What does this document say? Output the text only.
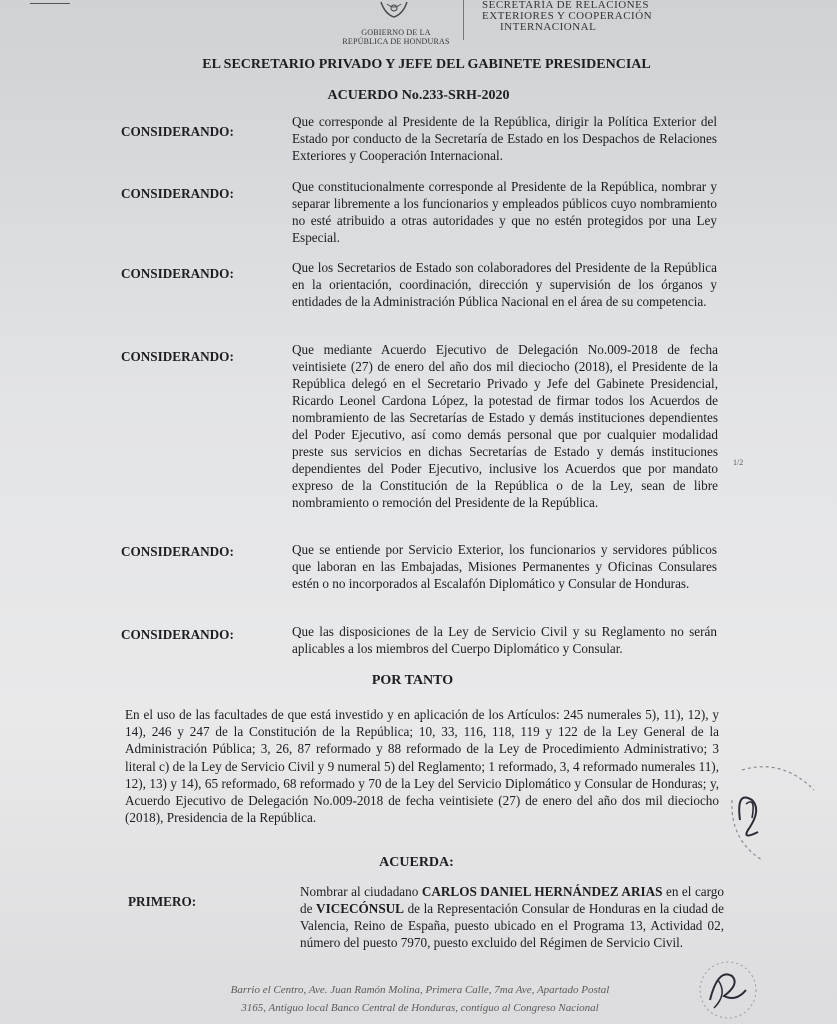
GOBIERNO DE LA
REPÚBLICA DE HONDURAS
SECRETARÍA DE RELACIONES
EXTERIORES Y COOPERACIÓN
INTERNACIONAL
EL SECRETARIO PRIVADO Y JEFE DEL GABINETE PRESIDENCIAL
ACUERDO No.233-SRH-2020
CONSIDERANDO:
Que corresponde al Presidente de la República, dirigir la Política Exterior del Estado por conducto de la Secretaría de Estado en los Despachos de Relaciones Exteriores y Cooperación Internacional.
CONSIDERANDO:	Que constitucionalmente corresponde al Presidente de la República, nombrar y separar libremente a los funcionarios y empleados públicos cuyo nombramiento no esté atribuido a otras autoridades y que no estén protegidos por una Ley Especial.
CONSIDERANDO:	Que los Secretarios de Estado son colaboradores del Presidente de la República en la orientación, coordinación, dirección y supervisión de los órganos y entidades de la Administración Pública Nacional en el área de su competencia.
CONSIDERANDO:	Que mediante Acuerdo Ejecutivo de Delegación No.009-2018 de fecha veintisiete (27) de enero del año dos mil dieciocho (2018), el Presidente de la República delegó en el Secretario Privado y Jefe del Gabinete Presidencial, Ricardo Leonel Cardona López, la potestad de firmar todos los Acuerdos de nombramiento de las Secretarías de Estado y demás instituciones dependientes del Poder Ejecutivo, así como demás personal que por cualquier modalidad preste sus servicios en dichas Secretarías de Estado y demás instituciones dependientes del Poder Ejecutivo, inclusive los Acuerdos que por mandato expreso de la Constitución de la República o de la Ley, sean de libre nombramiento o remoción del Presidente de la República.
1/2
CONSIDERANDO:	Que se entiende por Servicio Exterior, los funcionarios y servidores públicos que laboran en las Embajadas, Misiones Permanentes y Oficinas Consulares estén o no incorporados al Escalafón Diplomático y Consular de Honduras.
CONSIDERANDO:	Que las disposiciones de la Ley de Servicio Civil y su Reglamento no serán aplicables a los miembros del Cuerpo Diplomático y Consular.
POR TANTO
En el uso de las facultades de que está investido y en aplicación de los Artículos: 245 numerales 5), 11), 12), y 14), 246 y 247 de la Constitución de la República; 10, 33, 116, 118, 119 y 122 de la Ley General de la Administración Pública; 3, 26, 87 reformado y 88 reformado de la Ley de Procedimiento Administrativo; 3 literal c) de la Ley de Servicio Civil y 9 numeral 5) del Reglamento; 1 reformado, 3, 4 reformado numerales 11), 12), 13) y 14), 65 reformado, 68 reformado y 70 de la Ley del Servicio Diplomático y Consular de Honduras; y, Acuerdo Ejecutivo de Delegación No.009-2018 de fecha veintisiete (27) de enero del año dos mil dieciocho (2018), Presidencia de la República.
ACUERDA:
PRIMERO:
Nombrar al ciudadano CARLOS DANIEL HERNÁNDEZ ARIAS en el cargo de VICECÓNSUL de la Representación Consular de Honduras en la ciudad de Valencia, Reino de España, puesto ubicado en el Programa 13, Actividad 02, número del puesto 7970, puesto excluido del Régimen de Servicio Civil.
Barrio el Centro, Ave. Juan Ramón Molina, Primera Calle, 7ma Ave, Apartado Postal
3165, Antiguo local Banco Central de Honduras, contiguo al Congreso Nacional
